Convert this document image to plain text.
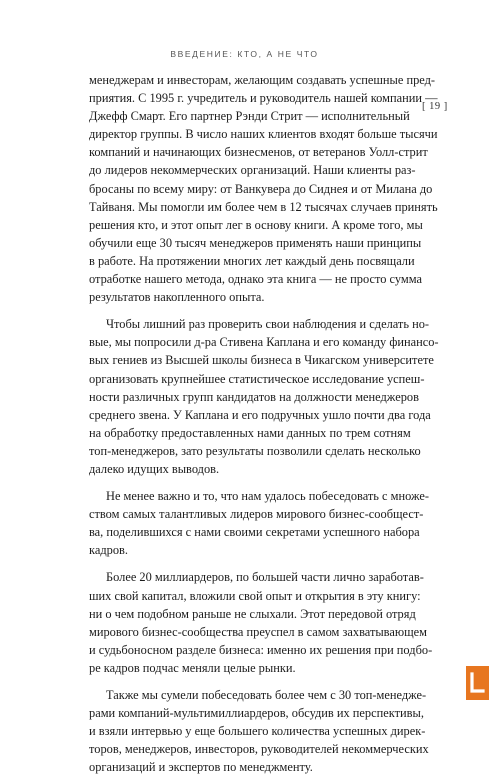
ВВЕДЕНИЕ: КТО, А НЕ ЧТО
[ 19 ]
менеджерам и инвесторам, желающим создавать успешные пред-
приятия. С 1995 г. учредитель и руководитель нашей компании —
Джефф Смарт. Его партнер Рэнди Стрит — исполнительный
директор группы. В число наших клиентов входят больше тысячи
компаний и начинающих бизнесменов, от ветеранов Уолл-стрит
до лидеров некоммерческих организаций. Наши клиенты раз-
бросаны по всему миру: от Ванкувера до Сиднея и от Милана до
Тайваня. Мы помогли им более чем в 12 тысячах случаев принять
решения кто, и этот опыт лег в основу книги. А кроме того, мы
обучили еще 30 тысяч менеджеров применять наши принципы
в работе. На протяжении многих лет каждый день посвящали
отработке нашего метода, однако эта книга — не просто сумма
результатов накопленного опыта.
Чтобы лишний раз проверить свои наблюдения и сделать но-
вые, мы попросили д-ра Стивена Каплана и его команду финансо-
вых гениев из Высшей школы бизнеса в Чикагском университете
организовать крупнейшее статистическое исследование успеш-
ности различных групп кандидатов на должности менеджеров
среднего звена. У Каплана и его подручных ушло почти два года
на обработку предоставленных нами данных по трем сотням
топ-менеджеров, зато результаты позволили сделать несколько
далеко идущих выводов.
Не менее важно и то, что нам удалось побеседовать с множе-
ством самых талантливых лидеров мирового бизнес-сообщест-
ва, поделившихся с нами своими секретами успешного набора
кадров.
Более 20 миллиардеров, по большей части лично заработав-
ших свой капитал, вложили свой опыт и открытия в эту книгу:
ни о чем подобном раньше не слыхали. Этот передовой отряд
мирового бизнес-сообщества преуспел в самом захватывающем
и судьбоносном разделе бизнеса: именно их решения при подбо-
ре кадров подчас меняли целые рынки.
Также мы сумели побеседовать более чем с 30 топ-менедже-
рами компаний-мультимиллиардеров, обсудив их перспективы,
и взяли интервью у еще большего количества успешных дирек-
торов, менеджеров, инвесторов, руководителей некоммерческих
организаций и экспертов по менеджменту.
